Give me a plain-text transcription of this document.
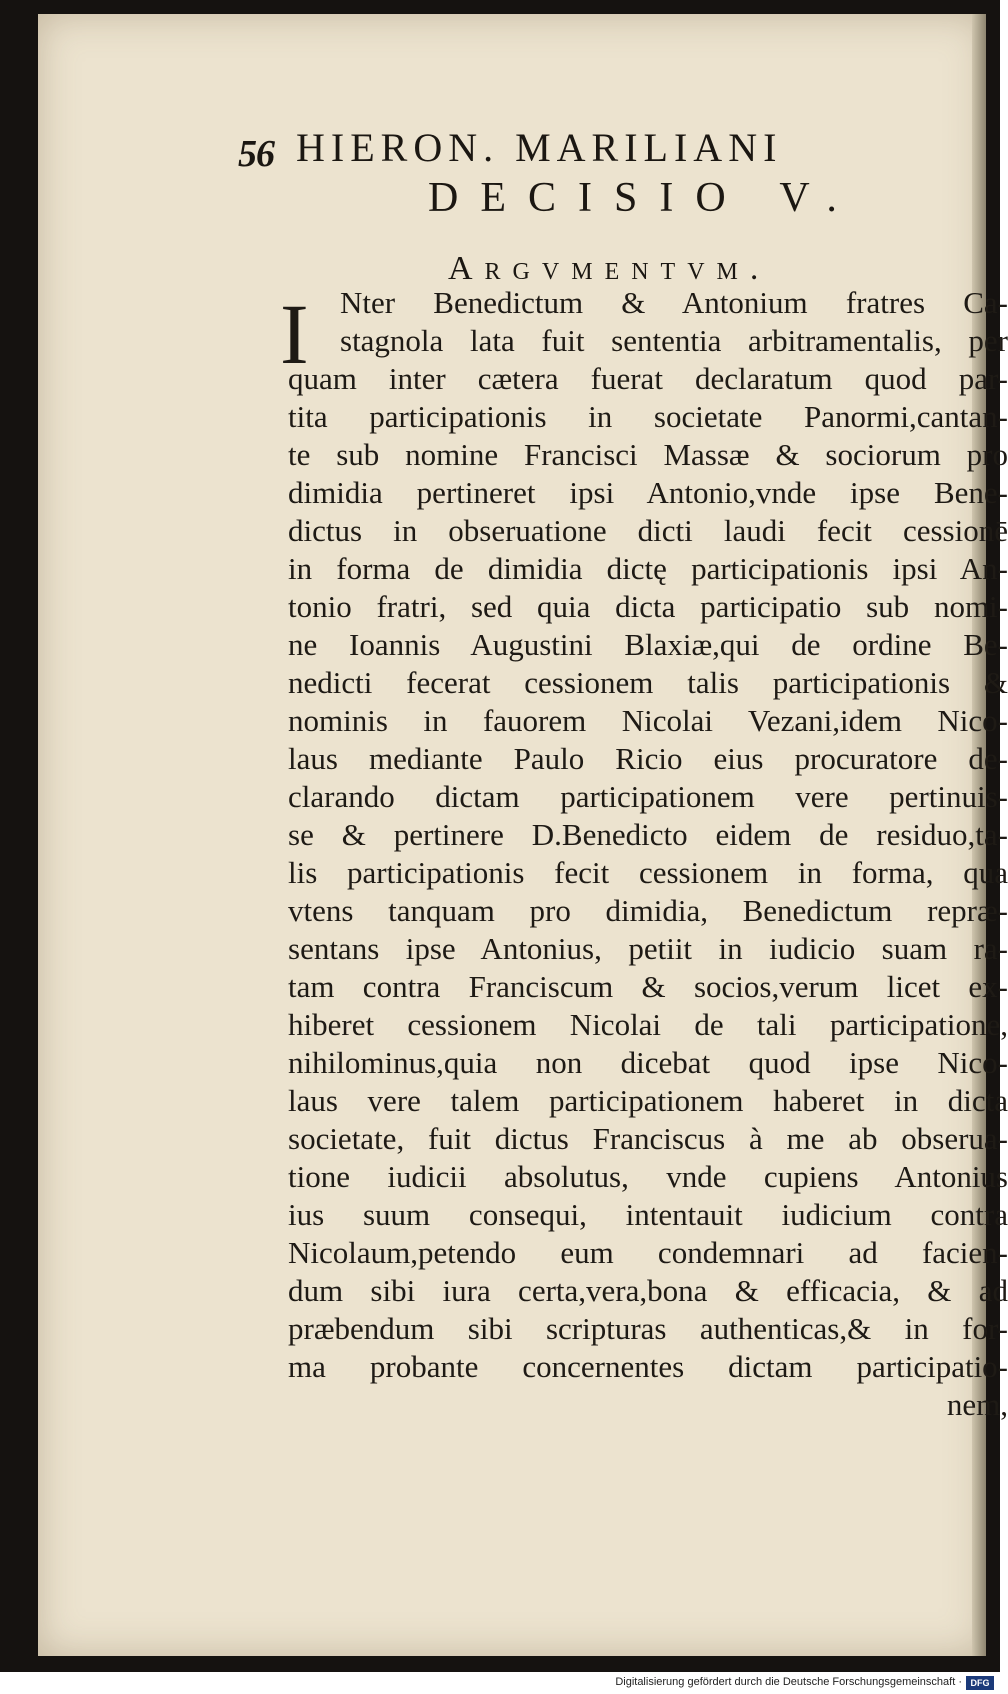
56 HIERON. MARILIANI
DECISIO V.
Argvmentvm.
I Nter Benedictum & Antonium fratres Ca-
stagnola lata fuit sententia arbitramentalis, per
quam inter cætera fuerat declaratum quod par-
tita participationis in societate Panormi,cantan-
te sub nomine Francisci Massæ & sociorum pro
dimidia pertineret ipsi Antonio,vnde ipse Bene-
dictus in obseruatione dicti laudi fecit cessionē
in forma de dimidia dictę participationis ipsi An-
tonio fratri, sed quia dicta participatio sub nomi-
ne Ioannis Augustini Blaxiæ,qui de ordine Be-
nedicti fecerat cessionem talis participationis &
nominis in fauorem Nicolai Vezani,idem Nico-
laus mediante Paulo Ricio eius procuratore de-
clarando dictam participationem vere pertinuis-
se & pertinere D.Benedicto eidem de residuo,ta-
lis participationis fecit cessionem in forma, qua
vtens tanquam pro dimidia, Benedictum repræ-
sentans ipse Antonius, petiit in iudicio suam ra-
tam contra Franciscum & socios,verum licet ex-
hiberet cessionem Nicolai de tali participatione,
nihilominus,quia non dicebat quod ipse Nico-
laus vere talem participationem haberet in dicta
societate, fuit dictus Franciscus à me ab obserua-
tione iudicii absolutus, vnde cupiens Antonius
ius suum consequi, intentauit iudicium contra
Nicolaum,petendo eum condemnari ad facien-
dum sibi iura certa,vera,bona & efficacia, & ad
præbendum sibi scripturas authenticas,& in for-
ma probante concernentes dictam participatio-
nem,
Digitalisierung gefördert durch die Deutsche Forschungsgemeinschaft · DFG
